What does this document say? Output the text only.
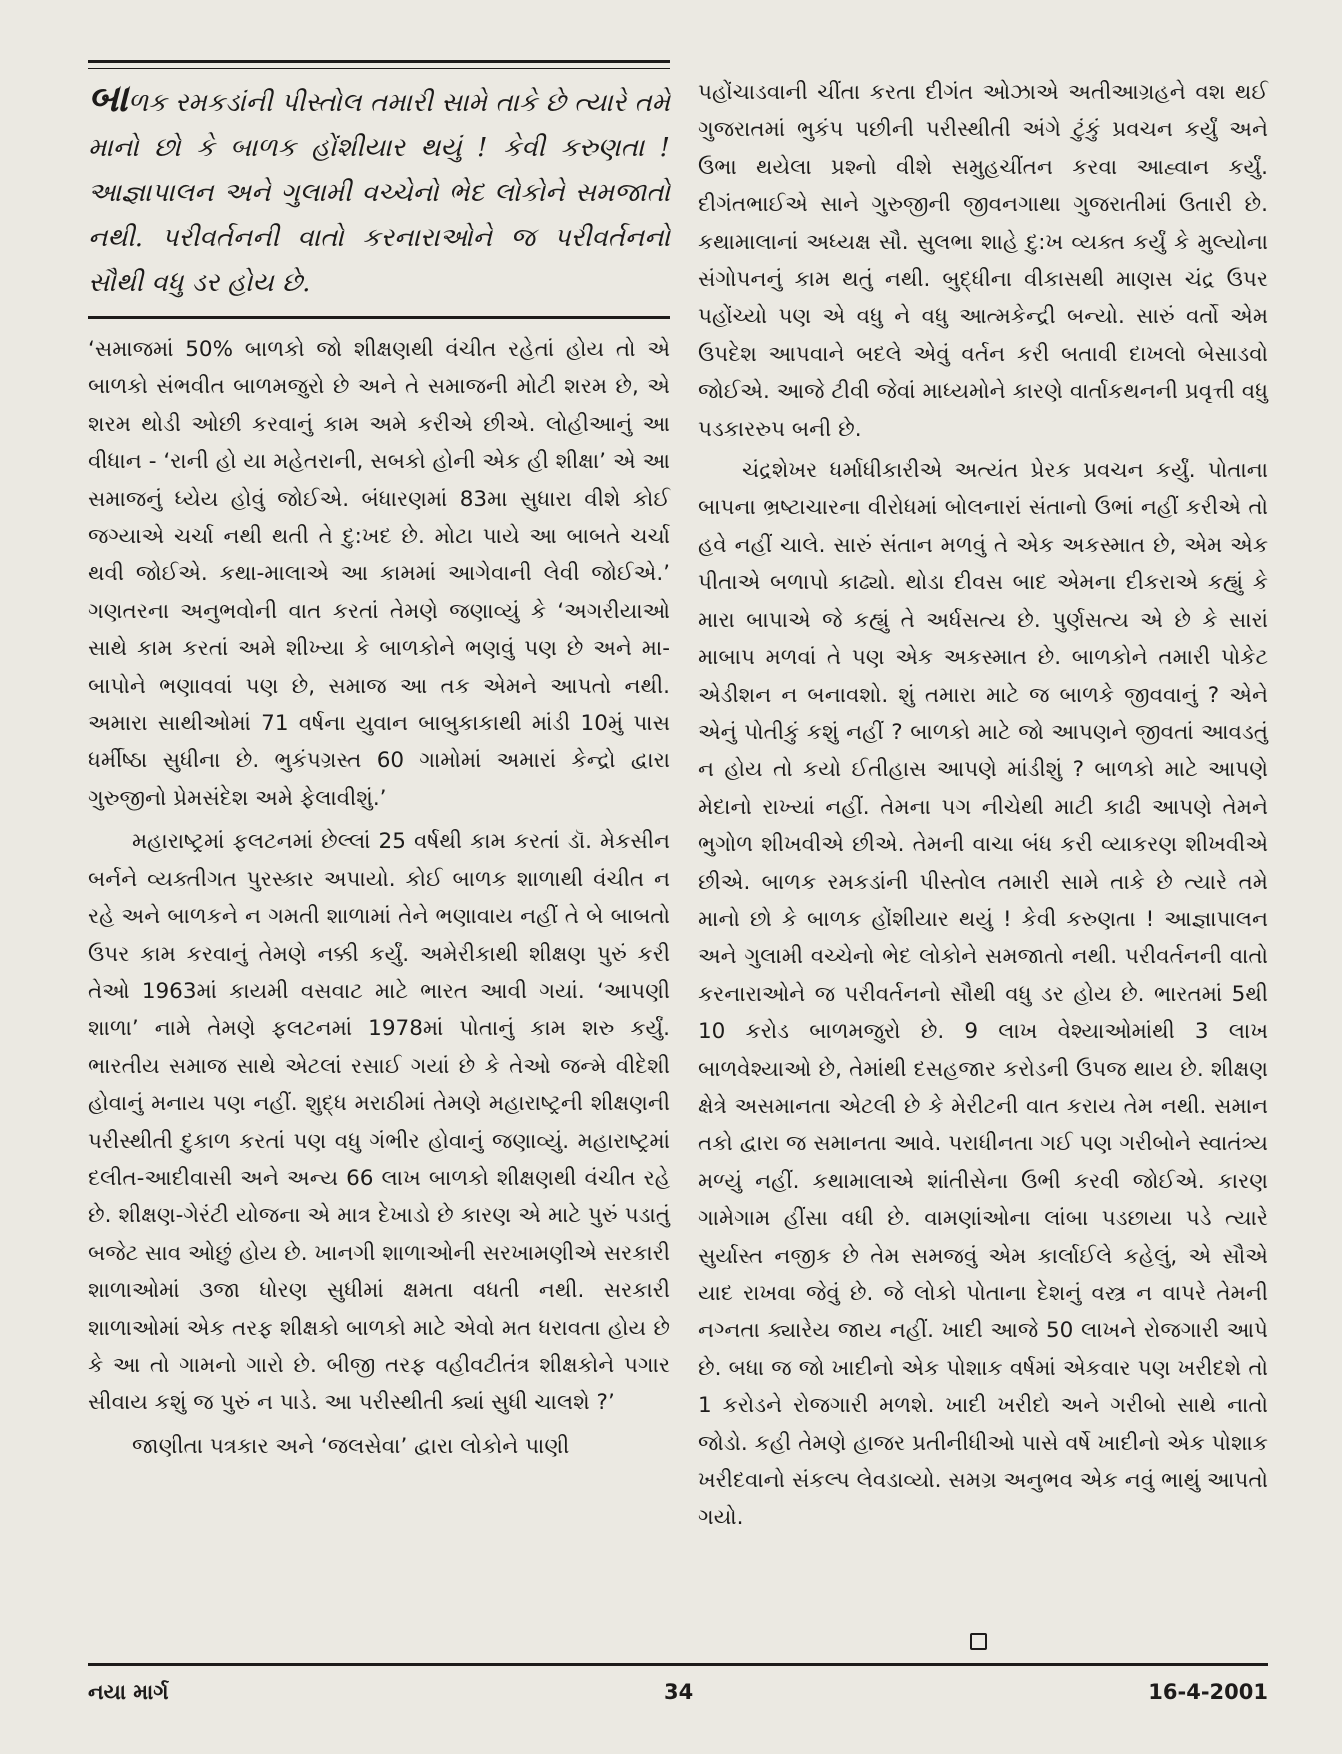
બાળક રમકડાંની પીસ્તોલ તમારી સામે તાકે છે ત્યારે તમે માનો છો કે બાળક હોંશીયાર થયું ! કેવી કરુણતા ! આજ્ઞાપાલન અને ગુલામી વચ્ચેનો ભેદ લોકોને સમજાતો નથી. પરીવર્તનની વાતો કરનારાઓને જ પરીવર્તનનો સૌથી વધુ ડર હોય છે.

‘સમાજમાં 50% બાળકો જો શીક્ષણથી વંચીત રહેતાં હોય તો એ બાળકો સંભવીત બાળમજુરો છે અને તે સમાજની મોટી શરમ છે, એ શરમ થોડી ઓછી કરવાનું કામ અમે કરીએ છીએ. લોહીઆનું આ વીધાન - ‘રાની હો યા મહેતરાની, સબકો હોની એક હી શીક્ષા’ એ આ સમાજનું ધ્યેય હોવું જોઈએ. બંધારણમાં 83મા સુધારા વીશે કોઈ જગ્યાએ ચર્ચા નથી થતી તે દુ:ખદ છે. મોટા પાયે આ બાબતે ચર્ચા થવી જોઈએ. કથા-માલાએ આ કામમાં આગેવાની લેવી જોઈએ.’ ગણતરના અનુભવોની વાત કરતાં તેમણે જણાવ્યું કે ‘અગરીયાઓ સાથે કામ કરતાં અમે શીખ્યા કે બાળકોને ભણવું પણ છે અને મા-બાપોને ભણાવવાં પણ છે, સમાજ આ તક એમને આપતો નથી. અમારા સાથીઓમાં 71 વર્ષના યુવાન બાબુકાકાથી માંડી 10મું પાસ ધર્મીષ્ઠા સુધીના છે. ભુકંપગ્રસ્ત 60 ગામોમાં અમારાં કેન્દ્રો દ્વારા ગુરુજીનો પ્રેમસંદેશ અમે ફેલાવીશું.’

મહારાષ્ટ્રમાં ફલટનમાં છેલ્લાં 25 વર્ષથી કામ કરતાં ડૉ. મેકસીન બર્નને વ્યક્તીગત પુરસ્કાર અપાયો. કોઈ બાળક શાળાથી વંચીત ન રહે અને બાળકને ન ગમતી શાળામાં તેને ભણાવાય નહીં તે બે બાબતો ઉપર કામ કરવાનું તેમણે નક્કી કર્યું. અમેરીકાથી શીક્ષણ પુરું કરી તેઓ 1963માં કાયમી વસવાટ માટે ભારત આવી ગયાં. ‘આપણી શાળા’ નામે તેમણે ફલટનમાં 1978માં પોતાનું કામ શરુ કર્યું. ભારતીય સમાજ સાથે એટલાં રસાઈ ગયાં છે કે તેઓ જન્મે વીદેશી હોવાનું મનાય પણ નહીં. શુદ્ધ મરાઠીમાં તેમણે મહારાષ્ટ્રની શીક્ષણની પરીસ્થીતી દુકાળ કરતાં પણ વધુ ગંભીર હોવાનું જણાવ્યું. મહારાષ્ટ્રમાં દલીત-આદીવાસી અને અન્ય 66 લાખ બાળકો શીક્ષણથી વંચીત રહે છે. શીક્ષણ-ગેરંટી યોજના એ માત્ર દેખાડો છે કારણ એ માટે પુરું પડાતું બજેટ સાવ ઓછું હોય છે. ખાનગી શાળાઓની સરખામણીએ સરકારી શાળાઓમાં ૩જા ધોરણ સુધીમાં ક્ષમતા વધતી નથી. સરકારી શાળાઓમાં એક તરફ શીક્ષકો બાળકો માટે એવો મત ધરાવતા હોય છે કે આ તો ગામનો ગારો છે. બીજી તરફ વહીવટીતંત્ર શીક્ષકોને પગાર સીવાય કશું જ પુરું ન પાડે. આ પરીસ્થીતી ક્યાં સુધી ચાલશે ?’

જાણીતા પત્રકાર અને ‘જલસેવા’ દ્વારા લોકોને પાણી

પહોંચાડવાની ચીંતા કરતા દીગંત ઓઝાએ અતીઆગ્રહને વશ થઈ ગુજરાતમાં ભુકંપ પછીની પરીસ્થીતી અંગે ટુંકું પ્રવચન કર્યું અને ઉભા થયેલા પ્રશ્નો વીશે સમુહચીંતન કરવા આહ્વાન કર્યું. દીગંતભાઈએ સાને ગુરુજીની જીવનગાથા ગુજરાતીમાં ઉતારી છે. કથામાલાનાં અધ્યક્ષ સૌ. સુલભા શાહે દુ:ખ વ્યક્ત કર્યું કે મુલ્યોના સંગોપનનું કામ થતું નથી. બુદ્ધીના વીકાસથી માણસ ચંદ્ર ઉપર પહોંચ્યો પણ એ વધુ ને વધુ આત્મકેન્દ્રી બન્યો. સારું વર્તો એમ ઉપદેશ આપવાને બદલે એવું વર્તન કરી બતાવી દાખલો બેસાડવો જોઈએ. આજે ટીવી જેવાં માધ્યમોને કારણે વાર્તાકથનની પ્રવૃત્તી વધુ પડકારરુપ બની છે.

ચંદ્રશેખર ધર્માધીકારીએ અત્યંત પ્રેરક પ્રવચન કર્યું. પોતાના બાપના ભ્રષ્ટાચારના વીરોધમાં બોલનારાં સંતાનો ઉભાં નહીં કરીએ તો હવે નહીં ચાલે. સારું સંતાન મળવું તે એક અકસ્માત છે, એમ એક પીતાએ બળાપો કાઢ્યો. થોડા દીવસ બાદ એમના દીકરાએ કહ્યું કે મારા બાપાએ જે કહ્યું તે અર્ધસત્ય છે. પુર્ણસત્ય એ છે કે સારાં માબાપ મળવાં તે પણ એક અકસ્માત છે. બાળકોને તમારી પોકેટ એડીશન ન બનાવશો. શું તમારા માટે જ બાળકે જીવવાનું ? એને એનું પોતીકું કશું નહીં ? બાળકો માટે જો આપણને જીવતાં આવડતું ન હોય તો કયો ઈતીહાસ આપણે માંડીશું ? બાળકો માટે આપણે મેદાનો રાખ્યાં નહીં. તેમના પગ નીચેથી માટી કાઢી આપણે તેમને ભુગોળ શીખવીએ છીએ. તેમની વાચા બંધ કરી વ્યાકરણ શીખવીએ છીએ. બાળક રમકડાંની પીસ્તોલ તમારી સામે તાકે છે ત્યારે તમે માનો છો કે બાળક હોંશીયાર થયું ! કેવી કરુણતા ! આજ્ઞાપાલન અને ગુલામી વચ્ચેનો ભેદ લોકોને સમજાતો નથી. પરીવર્તનની વાતો કરનારાઓને જ પરીવર્તનનો સૌથી વધુ ડર હોય છે. ભારતમાં 5થી 10 કરોડ બાળમજુરો છે. 9 લાખ વેશ્યાઓમાંથી 3 લાખ બાળવેશ્યાઓ છે, તેમાંથી દસહજાર કરોડની ઉપજ થાય છે. શીક્ષણ ક્ષેત્રે અસમાનતા એટલી છે કે મેરીટની વાત કરાય તેમ નથી. સમાન તકો દ્વારા જ સમાનતા આવે. પરાધીનતા ગઈ પણ ગરીબોને સ્વાતંત્ર્ય મળ્યું નહીં. કથામાલાએ શાંતીસેના ઉભી કરવી જોઈએ. કારણ ગામેગામ હીંસા વધી છે. વામણાંઓના લાંબા પડછાયા પડે ત્યારે સુર્યાસ્ત નજીક છે તેમ સમજવું એમ કાર્લાઈલે કહેલું, એ સૌએ યાદ રાખવા જેવું છે. જે લોકો પોતાના દેશનું વસ્ત્ર ન વાપરે તેમની નગ્નતા ક્યારેય જાય નહીં. ખાદી આજે 50 લાખને રોજગારી આપે છે. બધા જ જો ખાદીનો એક પોશાક વર્ષમાં એકવાર પણ ખરીદશે તો 1 કરોડને રોજગારી મળશે. ખાદી ખરીદો અને ગરીબો સાથે નાતો જોડો. કહી તેમણે હાજર પ્રતીનીધીઓ પાસે વર્ષે ખાદીનો એક પોશાક ખરીદવાનો સંકલ્પ લેવડાવ્યો. સમગ્ર અનુભવ એક નવું ભાથું આપતો ગયો.

નયા માર્ગ	34	16-4-2001
